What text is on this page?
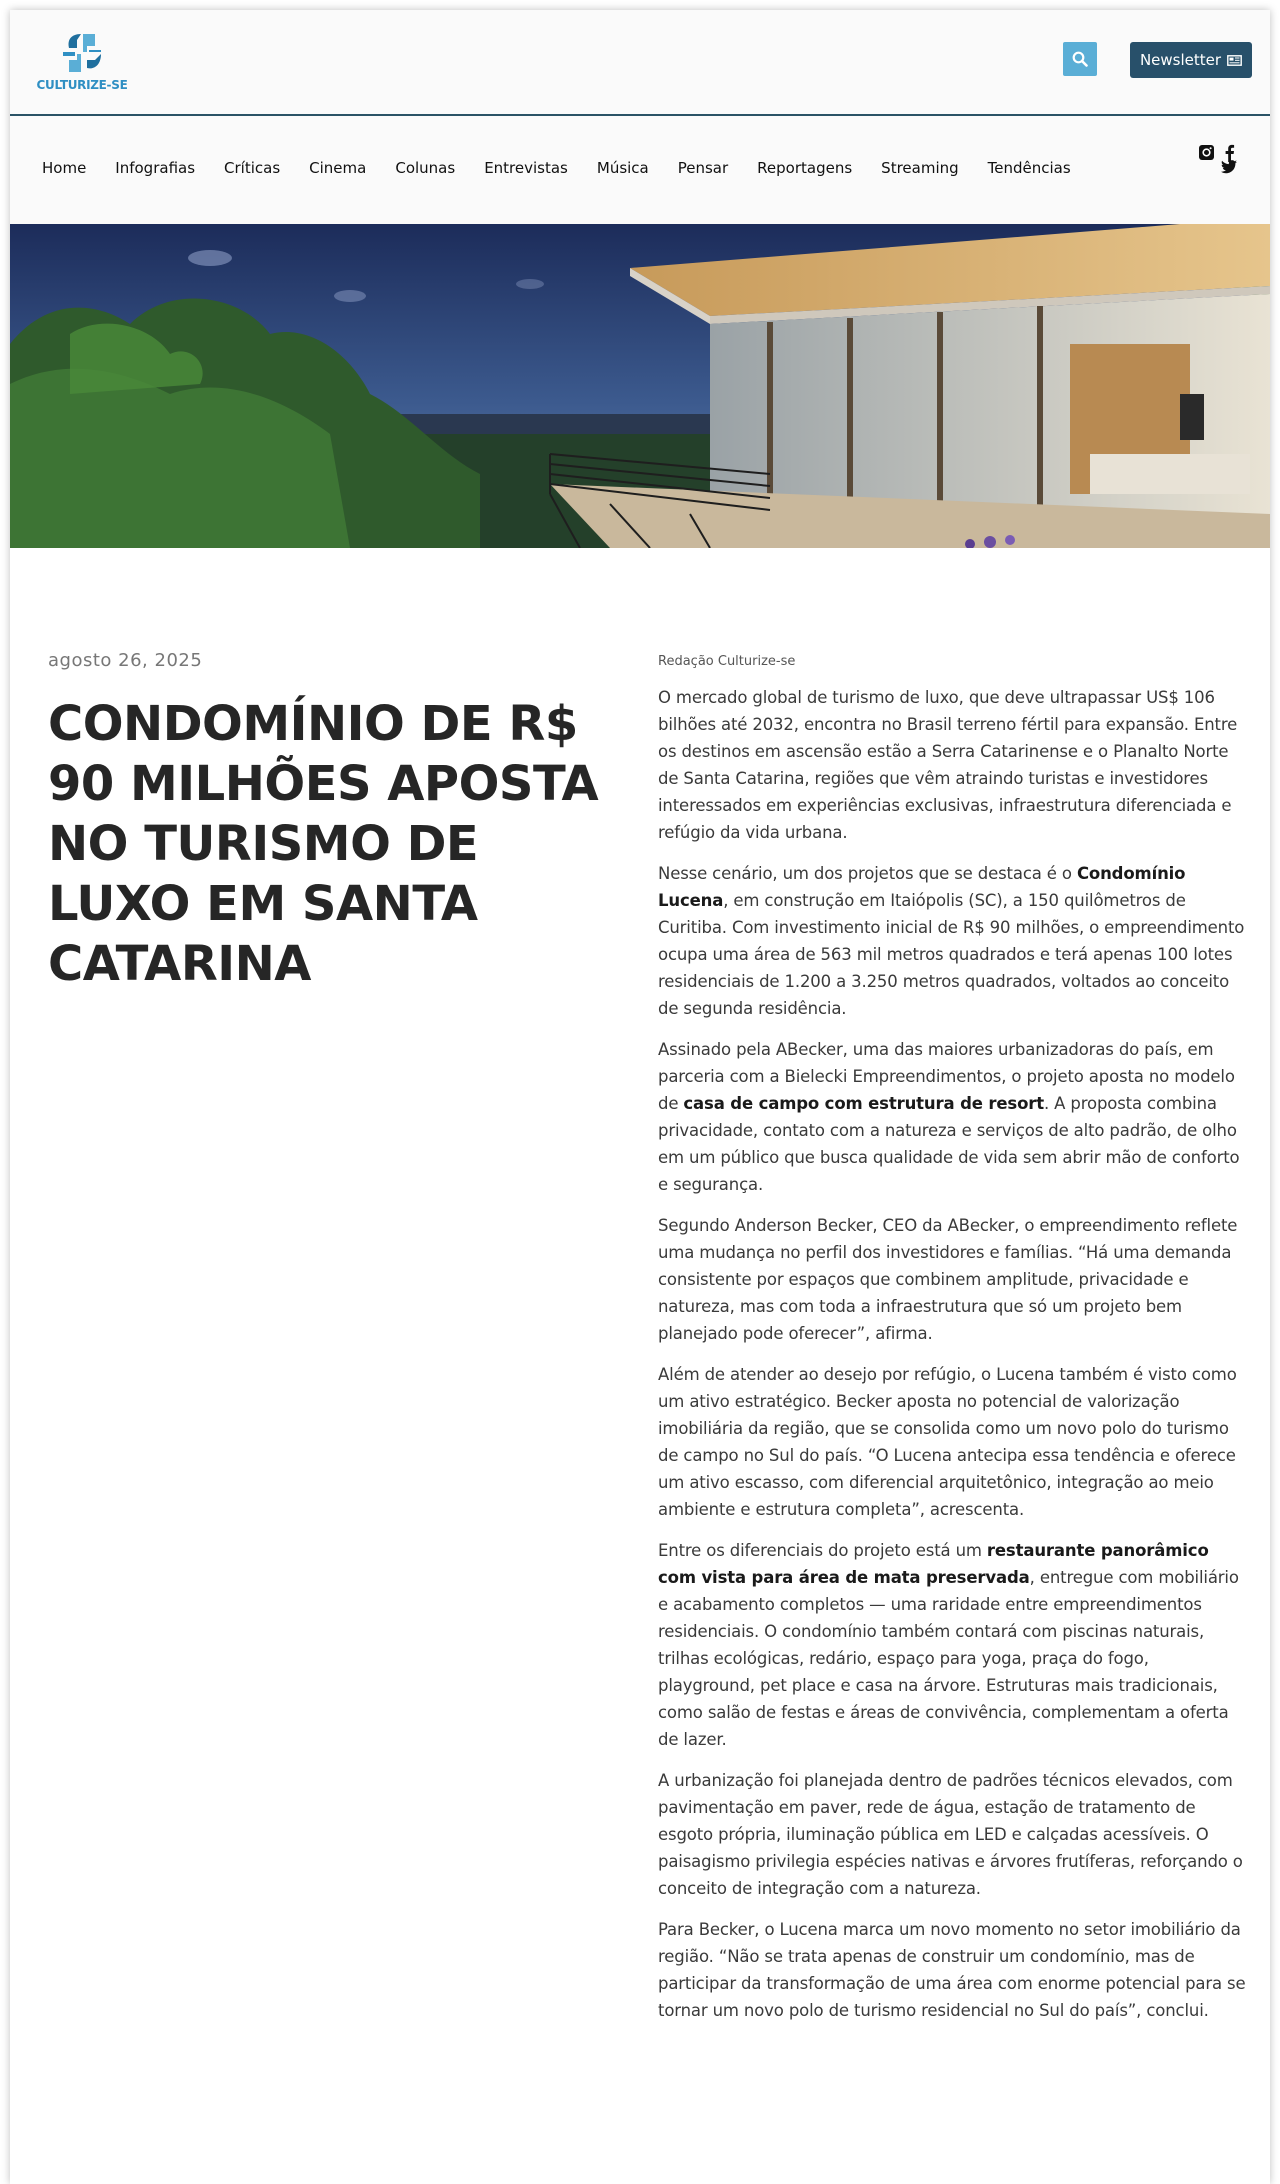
CULTURIZE-SE
Newsletter
Home Infografias Críticas Cinema Colunas Entrevistas Música Pensar Reportagens Streaming Tendências
agosto 26, 2025
CONDOMÍNIO DE R$ 90 MILHÕES APOSTA NO TURISMO DE LUXO EM SANTA CATARINA
Redação Culturize-se

O mercado global de turismo de luxo, que deve ultrapassar US$ 106 bilhões até 2032, encontra no Brasil terreno fértil para expansão. Entre os destinos em ascensão estão a Serra Catarinense e o Planalto Norte de Santa Catarina, regiões que vêm atraindo turistas e investidores interessados em experiências exclusivas, infraestrutura diferenciada e refúgio da vida urbana.

Nesse cenário, um dos projetos que se destaca é o Condomínio Lucena, em construção em Itaiópolis (SC), a 150 quilômetros de Curitiba. Com investimento inicial de R$ 90 milhões, o empreendimento ocupa uma área de 563 mil metros quadrados e terá apenas 100 lotes residenciais de 1.200 a 3.250 metros quadrados, voltados ao conceito de segunda residência.

Assinado pela ABecker, uma das maiores urbanizadoras do país, em parceria com a Bielecki Empreendimentos, o projeto aposta no modelo de casa de campo com estrutura de resort. A proposta combina privacidade, contato com a natureza e serviços de alto padrão, de olho em um público que busca qualidade de vida sem abrir mão de conforto e segurança.

Segundo Anderson Becker, CEO da ABecker, o empreendimento reflete uma mudança no perfil dos investidores e famílias. “Há uma demanda consistente por espaços que combinem amplitude, privacidade e natureza, mas com toda a infraestrutura que só um projeto bem planejado pode oferecer”, afirma.

Além de atender ao desejo por refúgio, o Lucena também é visto como um ativo estratégico. Becker aposta no potencial de valorização imobiliária da região, que se consolida como um novo polo do turismo de campo no Sul do país. “O Lucena antecipa essa tendência e oferece um ativo escasso, com diferencial arquitetônico, integração ao meio ambiente e estrutura completa”, acrescenta.

Entre os diferenciais do projeto está um restaurante panorâmico com vista para área de mata preservada, entregue com mobiliário e acabamento completos — uma raridade entre empreendimentos residenciais. O condomínio também contará com piscinas naturais, trilhas ecológicas, redário, espaço para yoga, praça do fogo, playground, pet place e casa na árvore. Estruturas mais tradicionais, como salão de festas e áreas de convivência, complementam a oferta de lazer.

A urbanização foi planejada dentro de padrões técnicos elevados, com pavimentação em paver, rede de água, estação de tratamento de esgoto própria, iluminação pública em LED e calçadas acessíveis. O paisagismo privilegia espécies nativas e árvores frutíferas, reforçando o conceito de integração com a natureza.

Para Becker, o Lucena marca um novo momento no setor imobiliário da região. “Não se trata apenas de construir um condomínio, mas de participar da transformação de uma área com enorme potencial para se tornar um novo polo de turismo residencial no Sul do país”, conclui.
